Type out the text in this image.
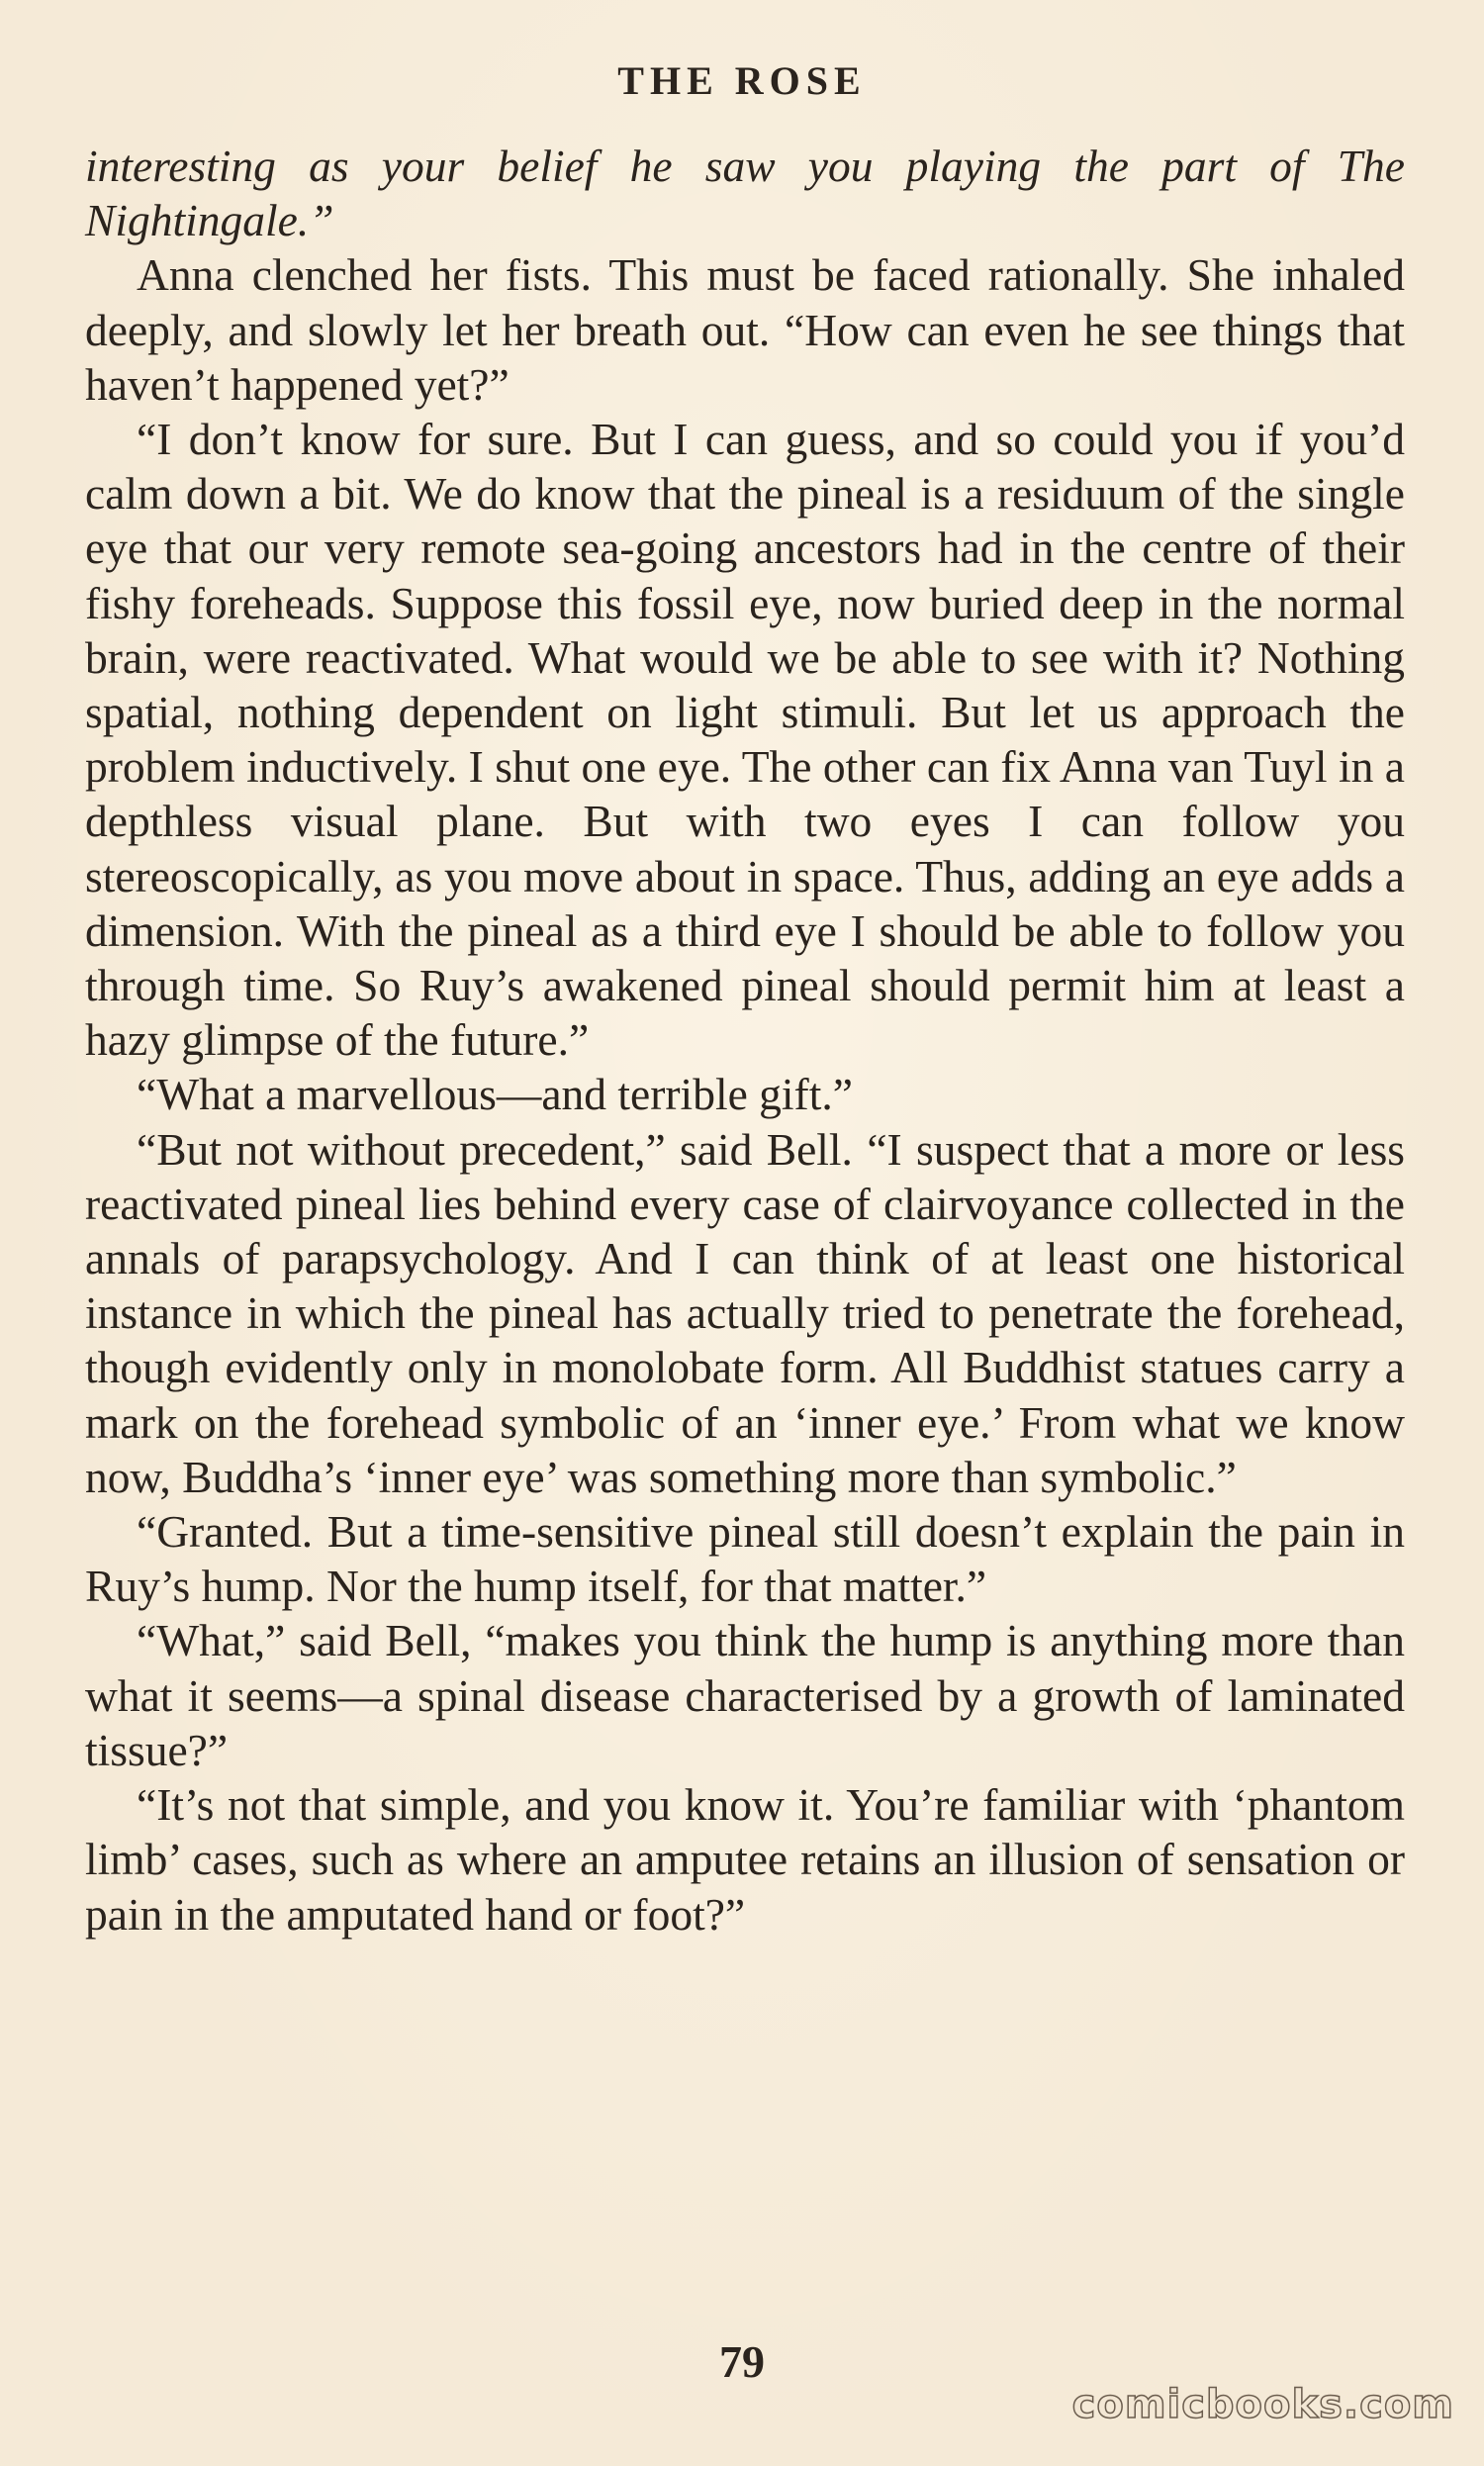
THE ROSE

interesting as your belief he saw you playing the part of The Nightingale.”

Anna clenched her fists. This must be faced rationally. She inhaled deeply, and slowly let her breath out. “How can even he see things that haven’t happened yet?”

“I don’t know for sure. But I can guess, and so could you if you’d calm down a bit. We do know that the pineal is a residuum of the single eye that our very remote sea-going ancestors had in the centre of their fishy foreheads. Suppose this fossil eye, now buried deep in the normal brain, were reactivated. What would we be able to see with it? Nothing spatial, nothing dependent on light stimuli. But let us approach the problem inductively. I shut one eye. The other can fix Anna van Tuyl in a depthless visual plane. But with two eyes I can follow you stereoscopically, as you move about in space. Thus, adding an eye adds a dimension. With the pineal as a third eye I should be able to follow you through time. So Ruy’s awakened pineal should permit him at least a hazy glimpse of the future.”

“What a marvellous—and terrible gift.”

“But not without precedent,” said Bell. “I suspect that a more or less reactivated pineal lies behind every case of clairvoyance collected in the annals of parapsychology. And I can think of at least one historical instance in which the pineal has actually tried to penetrate the forehead, though evidently only in monolobate form. All Buddhist statues carry a mark on the forehead symbolic of an ‘inner eye.’ From what we know now, Buddha’s ‘inner eye’ was something more than symbolic.”

“Granted. But a time-sensitive pineal still doesn’t explain the pain in Ruy’s hump. Nor the hump itself, for that matter.”

“What,” said Bell, “makes you think the hump is anything more than what it seems—a spinal disease characterised by a growth of laminated tissue?”

“It’s not that simple, and you know it. You’re familiar with ‘phantom limb’ cases, such as where an amputee retains an illusion of sensation or pain in the amputated hand or foot?”

79
comicbooks.com
